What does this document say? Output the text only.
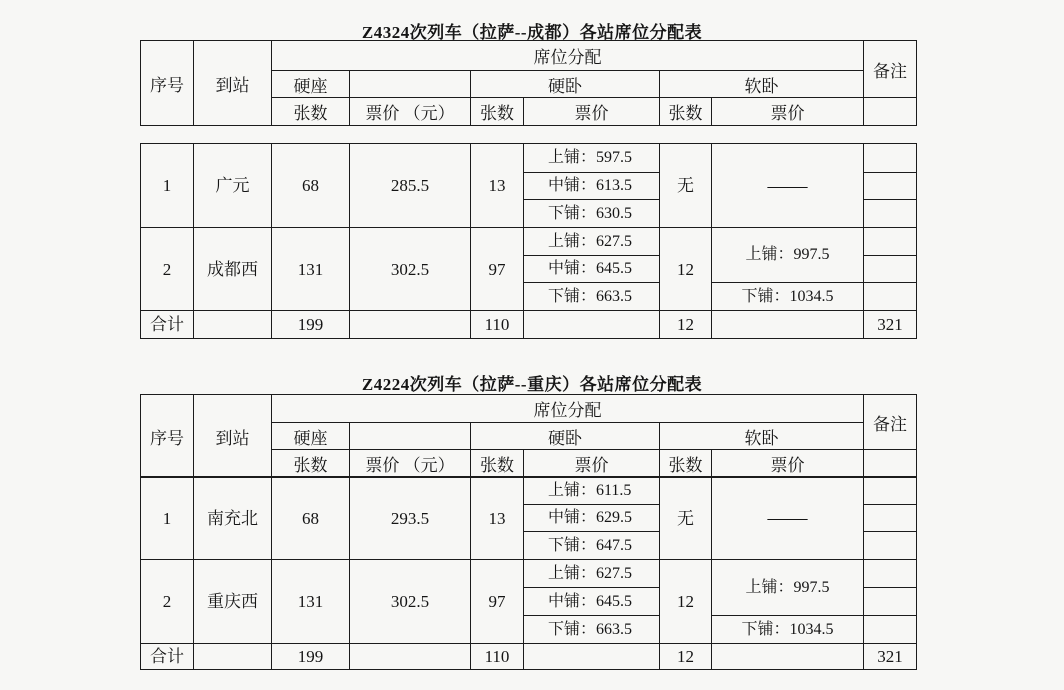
Z4324次列车（拉萨--成都）各站席位分配表
序号	到站	席位分配						备注
		硬座		硬卧		软卧		
		张数	票价 （元）	张数	票价	张数	票价	
1	广元	68	285.5	13	上铺：597.5	无	——	
					中铺：613.5			
					下铺：630.5			
2	成都西	131	302.5	97	上铺：627.5	12	上铺：997.5	
					中铺：645.5			
					下铺：663.5		下铺：1034.5	
合计		199		110		12		321
Z4224次列车（拉萨--重庆）各站席位分配表
序号	到站	席位分配						备注
		硬座		硬卧		软卧		
		张数	票价 （元）	张数	票价	张数	票价	
1	南充北	68	293.5	13	上铺：611.5	无	——	
					中铺：629.5			
					下铺：647.5			
2	重庆西	131	302.5	97	上铺：627.5	12	上铺：997.5	
					中铺：645.5			
					下铺：663.5		下铺：1034.5	
合计		199		110		12		321
